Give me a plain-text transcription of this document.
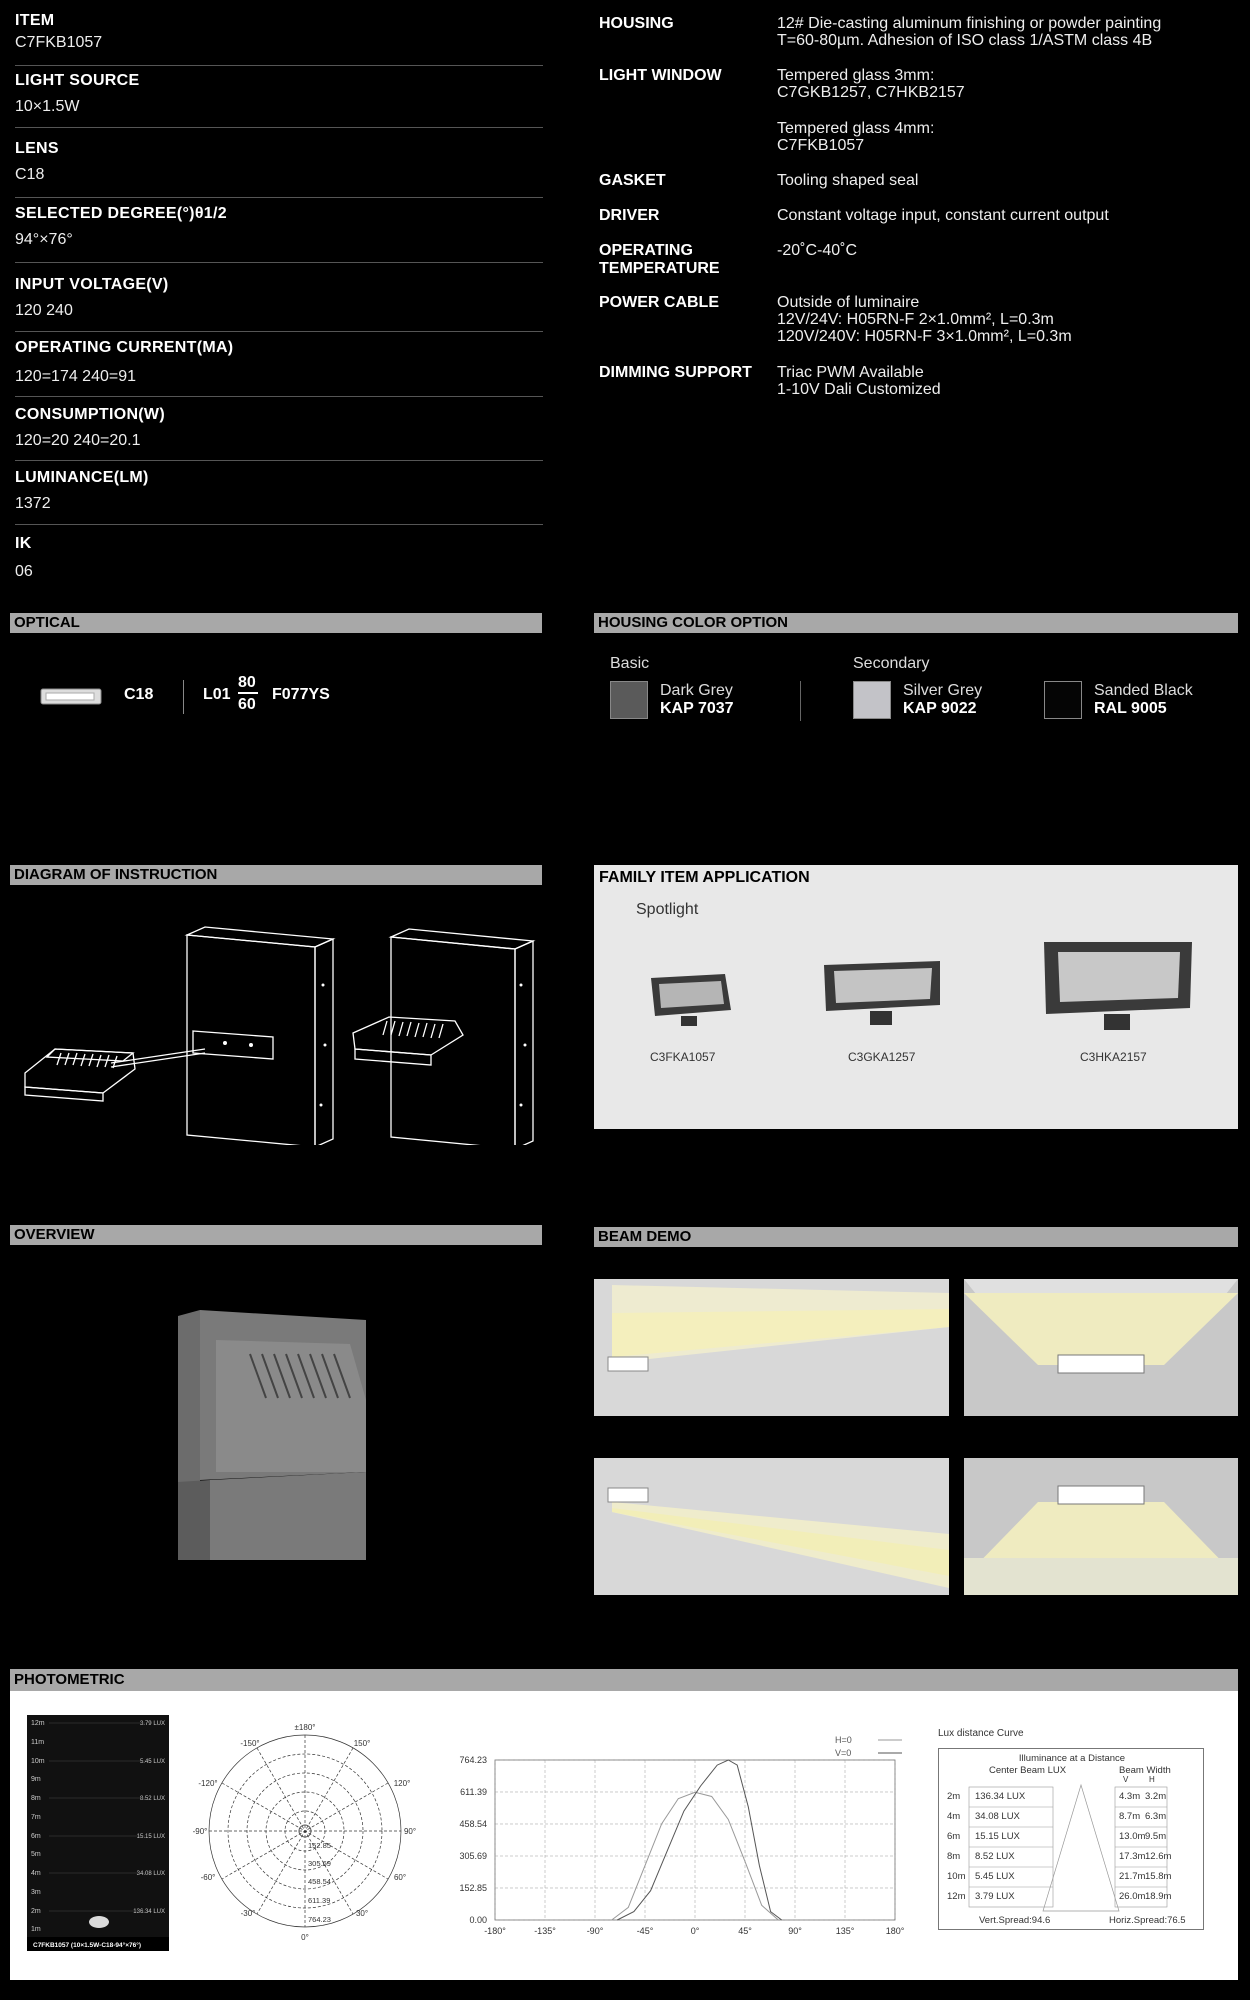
ITEM
C7FKB1057
LIGHT SOURCE
10×1.5W
LENS
C18
SELECTED DEGREE(°)θ1/2
94°×76°
INPUT VOLTAGE(V)
120 240
OPERATING CURRENT(MA)
120=174 240=91
CONSUMPTION(W)
120=20 240=20.1
LUMINANCE(LM)
1372
IK
06
HOUSING	12# Die-casting aluminum finishing or powder painting
T=60-80µm. Adhesion of ISO class 1/ASTM class 4B
LIGHT WINDOW	Tempered glass 3mm:
C7GKB1257, C7HKB2157
Tempered glass 4mm:
C7FKB1057
GASKET	Tooling shaped seal
DRIVER	Constant voltage input, constant current output
OPERATING
TEMPERATURE
-20˚C-40˚C
POWER CABLE	Outside of luminaire
12V/24V: H05RN-F 2×1.0mm², L=0.3m
120V/240V: H05RN-F 3×1.0mm², L=0.3m
DIMMING SUPPORT Triac PWM Available
1-10V Dali Customized
OPTICAL
C18	L01
80
60
F077YS
HOUSING COLOR OPTION
Basic	Secondary
Dark Grey
KAP 7037
Silver Grey
KAP 9022
Sanded Black
RAL 9005
DIAGRAM OF INSTRUCTION	FAMILY ITEM APPLICATION
Spotlight
C3FKA1057	C3GKA1257	C3HKA2157
OVERVIEW	BEAM DEMO
PHOTOMETRIC
12m
11m
10m
9m
8m
7m
6m
5m
4m
3m
2m
1m
3.79 LUX
5.45 LUX
8.52 LUX
15.15 LUX
34.08 LUX
136.34 LUX
C7FKB1057 (10×1.5W-C18-94°×76°)
±180°
-150°	150°
-120°	120°
-90°	90°
-60°	60°
-30°	30°
0°
152.85
305.69
458.54
611.39
764.23
764.23
611.39
458.54
305.69
152.85
0.00
-180°	-135°	-90°	-45°	0°	45°	90°	135°	180°
H=0
V=0
Lux distance Curve
Illuminance at a Distance
Center Beam LUX	Beam Width
V	H
2m 136.34 LUX	4.3m 3.2m
4m 34.08 LUX	8.7m 6.3m
6m 15.15 LUX	13.0m 9.5m
8m 8.52 LUX	17.3m 12.6m
10m 5.45 LUX	21.7m 15.8m
12m 3.79 LUX	26.0m 18.9m
Vert.Spread:94.6	Horiz.Spread:76.5
